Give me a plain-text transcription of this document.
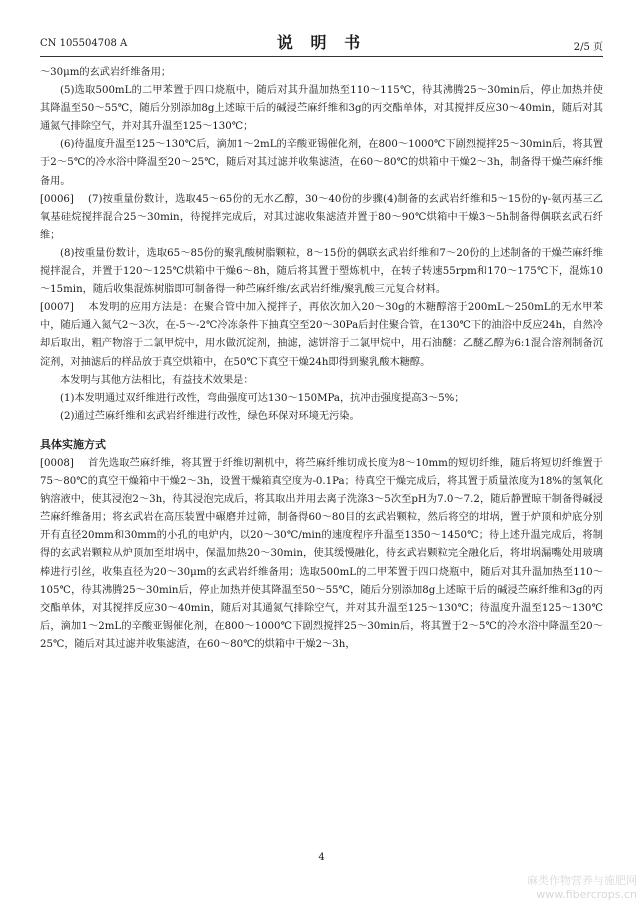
CN 105504708 A	说 明 书	2/5 页

～30μm的玄武岩纤维备用；

(5)选取500mL的二甲苯置于四口烧瓶中，随后对其升温加热至110～115℃，待其沸腾25～30min后，停止加热并使其降温至50～55℃，随后分别添加8g上述晾干后的碱浸苎麻纤维和3g的丙交酯单体，对其搅拌反应30～40min，随后对其通氮气排除空气，并对其升温至125～130℃；

(6)待温度升温至125～130℃后，滴加1～2mL的辛酸亚锡催化剂，在800～1000℃下剧烈搅拌25～30min后，将其置于2～5℃的冷水浴中降温至20～25℃，随后对其过滤并收集滤渣，在60～80℃的烘箱中干燥2～3h，制备得干燥苎麻纤维备用。

[0006] (7)按重量份数计，选取45～65份的无水乙醇，30～40份的步骤(4)制备的玄武岩纤维和5～15份的γ-氨丙基三乙氧基硅烷搅拌混合25～30min，待搅拌完成后，对其过滤收集滤渣并置于80～90℃烘箱中干燥3～5h制备得偶联玄武石纤维；

(8)按重量份数计，选取65～85份的聚乳酸树脂颗粒，8～15份的偶联玄武岩纤维和7～20份的上述制备的干燥苎麻纤维搅拌混合，并置于120～125℃烘箱中干燥6～8h，随后将其置于塑炼机中，在转子转速55rpm和170～175℃下，混炼10～15min，随后收集混炼树脂即可制备得一种苎麻纤维/玄武岩纤维/聚乳酸三元复合材料。

[0007] 本发明的应用方法是：在聚合管中加入搅拌子，再依次加入20～30g的木糖醇溶于200mL～250mL的无水甲苯中，随后通入氮气2～3次，在-5～-2℃冷冻条件下抽真空至20～30Pa后封住聚合管，在130℃下的油浴中反应24h，自然冷却后取出，粗产物溶于二氯甲烷中，用水做沉淀剂，抽滤，滤饼溶于二氯甲烷中，用石油醚：乙醚乙醇为6:1混合溶剂制备沉淀剂，对抽滤后的样品放于真空烘箱中，在50℃下真空干燥24h即得到聚乳酸木糖醇。

本发明与其他方法相比，有益技术效果是：

(1)本发明通过双纤维进行改性，弯曲强度可达130～150MPa，抗冲击强度提高3～5%；

(2)通过苎麻纤维和玄武岩纤维进行改性，绿色环保对环境无污染。

具体实施方式

[0008] 首先选取苎麻纤维，将其置于纤维切割机中，将苎麻纤维切成长度为8～10mm的短切纤维，随后将短切纤维置于75～80℃的真空干燥箱中干燥2～3h，设置干燥箱真空度为-0.1Pa；待真空干燥完成后，将其置于质量浓度为18%的氢氧化钠溶液中，使其浸泡2～3h，待其浸泡完成后，将其取出并用去离子洗涤3～5次至pH为7.0～7.2，随后静置晾干制备得碱浸苎麻纤维备用；将玄武岩在高压装置中碾磨并过筛，制备得60～80目的玄武岩颗粒，然后将空的坩埚，置于炉顶和炉底分别开有直径20mm和30mm的小孔的电炉内，以20～30℃/min的速度程序升温至1350～1450℃；待上述升温完成后，将制得的玄武岩颗粒从炉顶加至坩埚中，保温加热20～30min，使其缓慢融化，待玄武岩颗粒完全融化后，将坩埚漏嘴处用玻璃棒进行引丝，收集直径为20～30μm的玄武岩纤维备用；选取500mL的二甲苯置于四口烧瓶中，随后对其升温加热至110～105℃，待其沸腾25～30min后，停止加热并使其降温至50～55℃，随后分别添加8g上述晾干后的碱浸苎麻纤维和3g的丙交酯单体，对其搅拌反应30～40min，随后对其通氮气排除空气，并对其升温至125～130℃；待温度升温至125～130℃后，滴加1～2mL的辛酸亚锡催化剂，在800～1000℃下剧烈搅拌25～30min后，将其置于2～5℃的冷水浴中降温至20～25℃，随后对其过滤并收集滤渣，在60～80℃的烘箱中干燥2～3h，

4
麻类作物营养与施肥网
www.fibercrops.cn
